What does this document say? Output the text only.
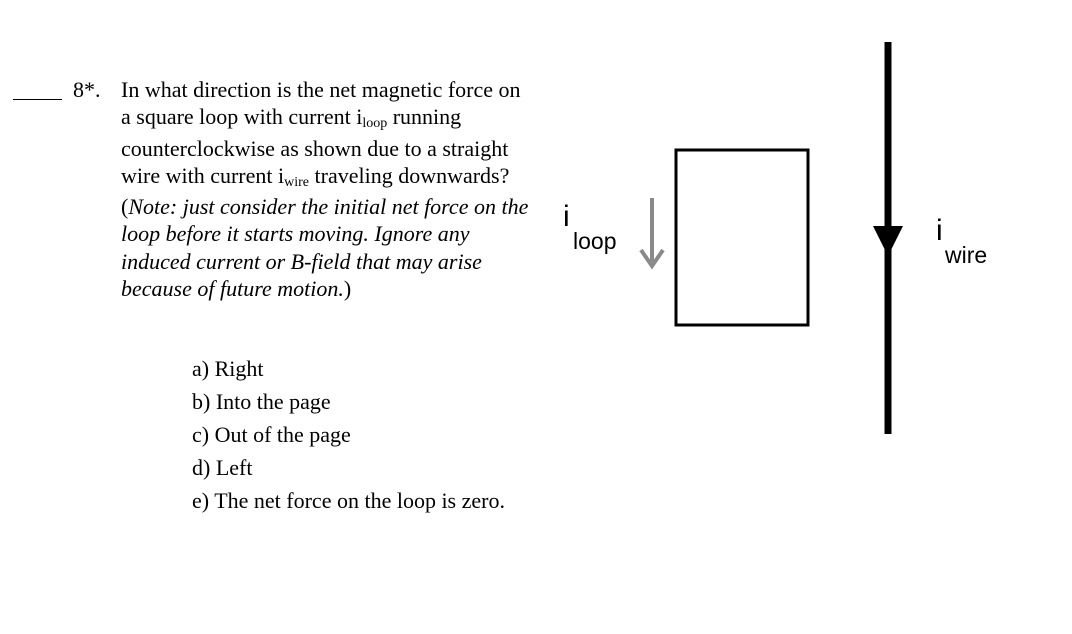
8*. In what direction is the net magnetic force on a square loop with current iloop running counterclockwise as shown due to a straight wire with current iwire traveling downwards? (Note: just consider the initial net force on the loop before it starts moving. Ignore any induced current or B-field that may arise because of future motion.)
a) Right
b) Into the page
c) Out of the page
d) Left
e) The net force on the loop is zero.
i
loop	i
wire
